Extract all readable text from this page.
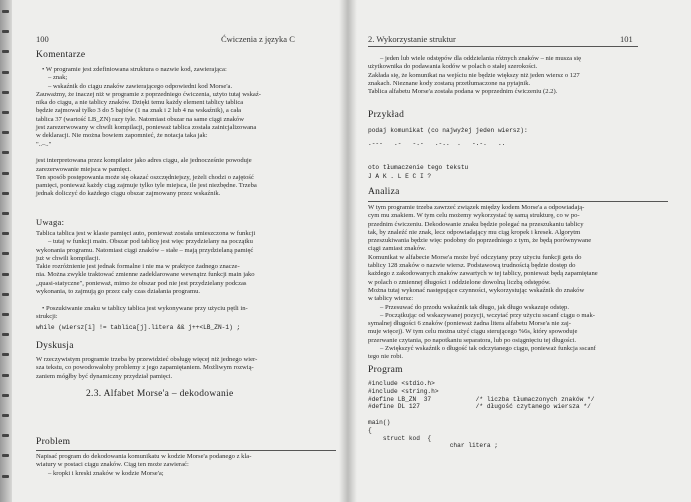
100	Ćwiczenia z języka C
Komentarze
• W programie jest zdefiniowana struktura o nazwie kod, zawierająca:
– znak;
– wskaźnik do ciągu znaków zawierającego odpowiedni kod Morse'a.
Zauważmy, że inaczej niż w programie z poprzedniego ćwiczenia, użyto tutaj wskaź-
nika do ciągu, a nie tablicy znaków. Dzięki temu każdy element tablicy tablica
będzie zajmował tylko 3 do 5 bajtów (1 na znak i 2 lub 4 na wskaźnik), a cała
tablica 37 (wartość LB_ZN) razy tyle. Natomiast obszar na same ciągi znaków
jest zarezerwowany w chwili kompilacji, ponieważ tablica została zainicjalizowana
w deklaracji. Nie można bowiem zapomnieć, że notacja taka jak:
"..–.."

jest interpretowana przez kompilator jako adres ciągu, ale jednocześnie powoduje
zarezerwowanie miejsca w pamięci.
Ten sposób postępowania może się okazać oszczędniejszy, jeżeli chodzi o zajętość
pamięci, ponieważ każdy ciąg zajmuje tylko tyle miejsca, ile jest niezbędne. Trzeba
jednak doliczyć do każdego ciągu obszar zajmowany przez wskaźnik.
Uwaga:
Tablica tablica jest w klasie pamięci auto, ponieważ została umieszczona w funkcji
– tutaj w funkcji main. Obszar pod tablicę jest więc przydzielany na początku
wykonania programu. Natomiast ciągi znaków – stałe – mają przydzielaną pamięć
już w chwili kompilacji.
Takie rozróżnienie jest jednak formalne i nie ma w praktyce żadnego znacze-
nia. Można zwykle traktować zmienne zadeklarowane wewnątrz funkcji main jako
„quasi-statyczne", ponieważ, mimo że obszar pod nie jest przydzielany podczas
wykonania, to zajmują go przez cały czas działania programu.

• Poszukiwanie znaku w tablicy tablica jest wykonywane przy użyciu pętli in-
strukcji:
while (wiersz[i] != tablica[j].litera && j++<LB_ZN-1) ;
Dyskusja
W rzeczywistym programie trzeba by przewidzieć obsługę więcej niż jednego wier-
sza tekstu, co powodowałoby problemy z jego zapamiętaniem. Możliwym rozwią-
zaniem mógłby być dynamiczny przydział pamięci.
2.3. Alfabet Morse'a – dekodowanie
Problem
Napisać program do dekodowania komunikatu w kodzie Morse'a podanego z kla-
wiatury w postaci ciągu znaków. Ciąg ten może zawierać:
– kropki i kreski znaków w kodzie Morse'a;
2. Wykorzystanie struktur	101
– jeden lub wiele odstępów dla oddzielania różnych znaków – nie musza się
użytkownika do podawania kodów w polach o stałej szerokości.
Zakłada się, że komunikat na wejściu nie będzie większy niż jeden wiersz o 127
znakach. Nieznane kody zostaną przetłumaczone na pytajnik.
Tablica alfabetu Morse'a została podana w poprzednim ćwiczeniu (2.2).
Przykład
podaj komunikat (co najwyżej jeden wiersz):
.---   .-   -.-   .-..  .   -.-.   ..
oto tłumaczenie tego tekstu
J A K . L E C I ?
Analiza
W tym programie trzeba zawrzeć związek między kodem Morse'a a odpowiadają-
cym mu znakiem. W tym celu możemy wykorzystać tę samą strukturę, co w po-
przednim ćwiczeniu. Dekodowanie znaku będzie polegać na przeszukaniu tablicy
tak, by znaleźć nie znak, lecz odpowiadający mu ciąg kropek i kresek. Algorytm
przeszukiwania będzie więc podobny do poprzedniego z tym, że będą porównywane
ciągi zamiast znaków.
Komunikat w alfabecie Morse'a może być odczytany przy użyciu funkcji gets do
tablicy 128 znaków o nazwie wiersz. Podstawową trudnością będzie dostęp do
każdego z zakodowanych znaków zawartych w tej tablicy, ponieważ będą zapamiętane
w polach o zmiennej długości i oddzielone dowolną liczbą odstępów.
Można tutaj wykonać następujące czynności, wykorzystując wskaźnik do znaków
w tablicy wiersz:
– Przesuwać do przodu wskaźnik tak długo, jak długo wskazuje odstęp.
– Początkując od wskazywanej pozycji, wczytać przy użyciu sscanf ciągu o mak-
symalnej długości 6 znaków (ponieważ żadna litera alfabetu Morse'a nie zaj-
muje więcej). W tym celu można użyć ciągu sterującego %6s, który spowoduje
przerwanie czytania, po napotkaniu separatora, lub po osiągnięciu tej długości.
– Zwiększyć wskaźnik o długość tak odczytanego ciągu, ponieważ funkcja sscanf
tego nie robi.
Program
#include <stdio.h>
#include <string.h>
#define LB_ZN  37            /* liczba tłumaczonych znaków */
#define DL 127               /* długość czytanego wiersza */

main()
{
struct kod  {
char litera ;
